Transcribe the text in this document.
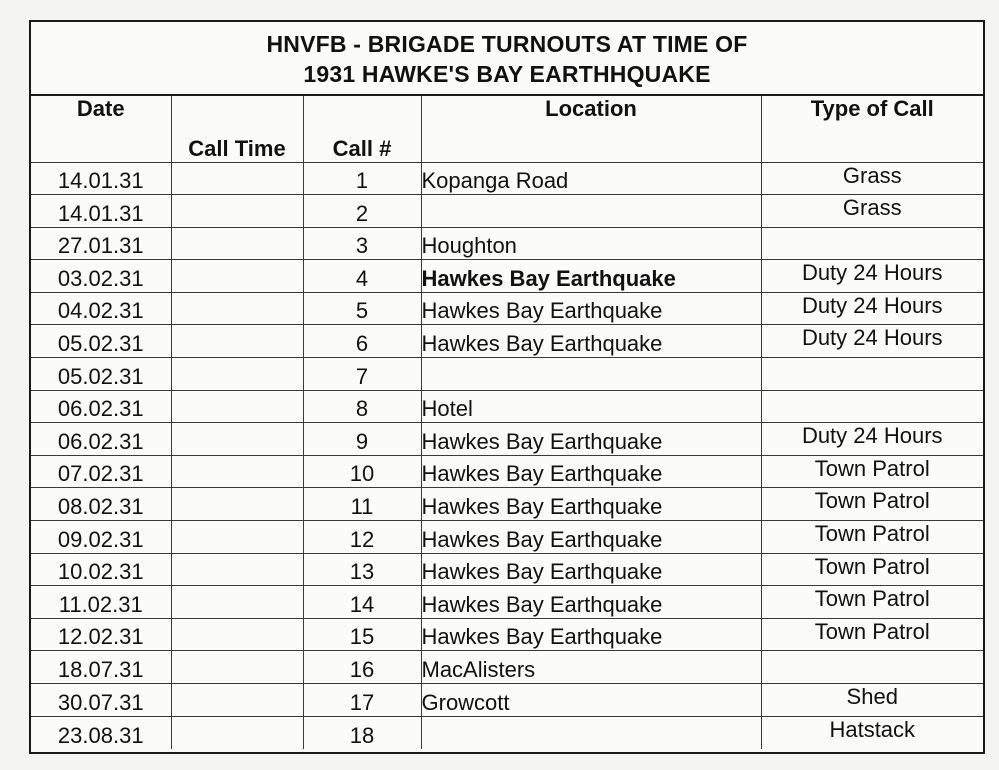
HNVFB - BRIGADE TURNOUTS AT TIME OF
1931 HAWKE'S BAY EARTHHQUAKE
Date	Call Time	Call #	Location	Type of Call
14.01.31		1	Kopanga Road	Grass
14.01.31		2		Grass
27.01.31		3	Houghton	
03.02.31		4	Hawkes Bay Earthquake	Duty 24 Hours
04.02.31		5	Hawkes Bay Earthquake	Duty 24 Hours
05.02.31		6	Hawkes Bay Earthquake	Duty 24 Hours
05.02.31		7		
06.02.31		8	Hotel	
06.02.31		9	Hawkes Bay Earthquake	Duty 24 Hours
07.02.31		10	Hawkes Bay Earthquake	Town Patrol
08.02.31		11	Hawkes Bay Earthquake	Town Patrol
09.02.31		12	Hawkes Bay Earthquake	Town Patrol
10.02.31		13	Hawkes Bay Earthquake	Town Patrol
11.02.31		14	Hawkes Bay Earthquake	Town Patrol
12.02.31		15	Hawkes Bay Earthquake	Town Patrol
18.07.31		16	MacAlisters	
30.07.31		17	Growcott	Shed
23.08.31		18		Hatstack
